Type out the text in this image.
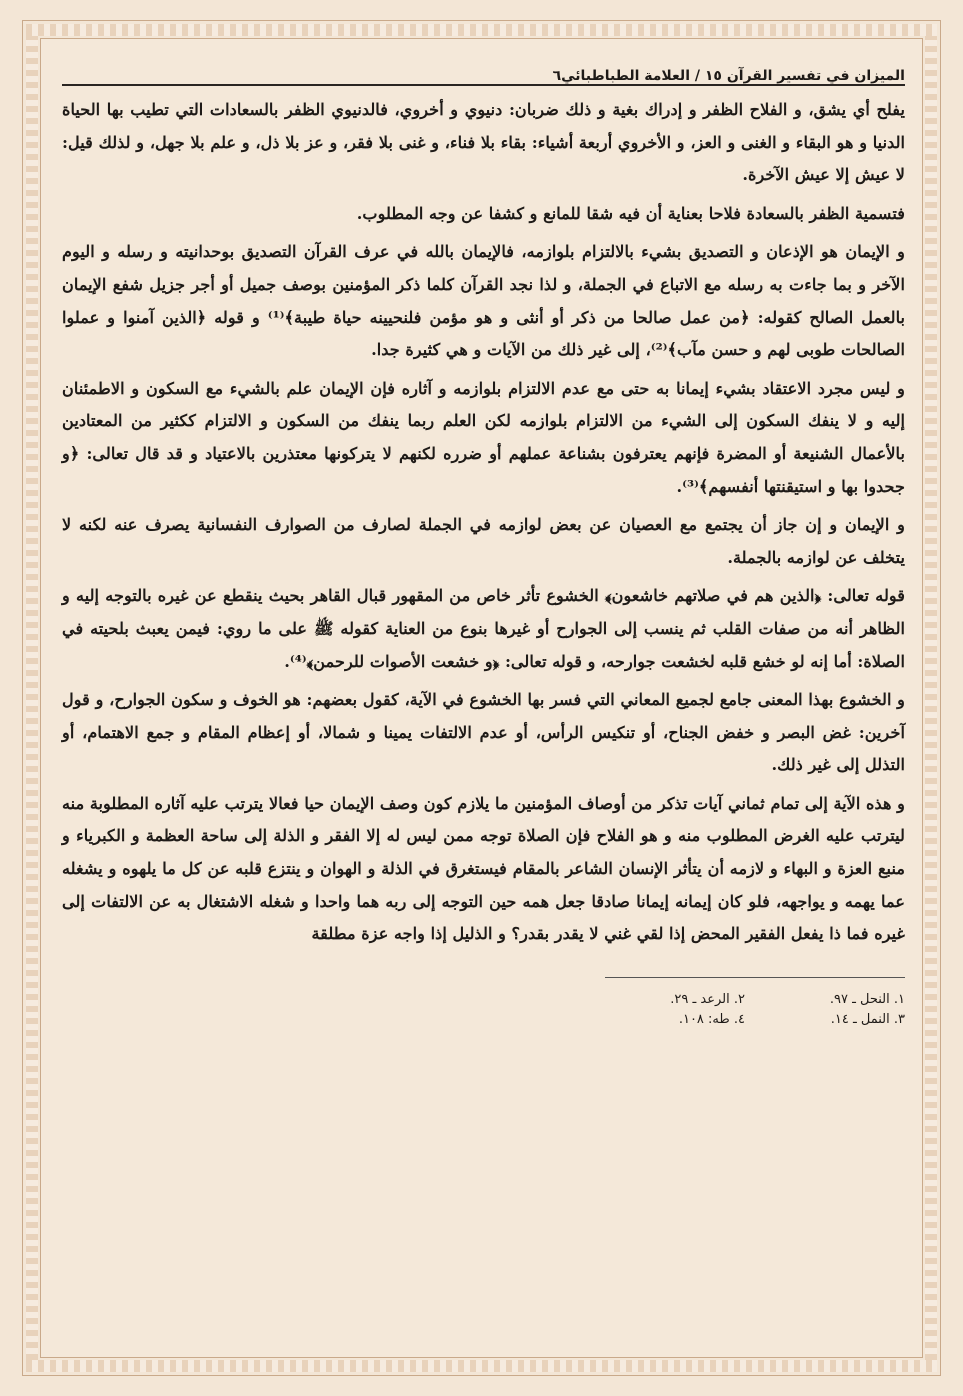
الميزان في تفسير القرآن ١٥ / العلامة الطباطبائي
٦

يفلح أي يشق، و الفلاح الظفر و إدراك بغية و ذلك ضربان: دنيوي و أخروي، فالدنيوي الظفر بالسعادات التي تطيب بها الحياة الدنيا و هو البقاء و الغنى و العز، و الأخروي أربعة أشياء: بقاء بلا فناء، و غنى بلا فقر، و عز بلا ذل، و علم بلا جهل، و لذلك قيل: لا عيش إلا عيش الآخرة.

فتسمية الظفر بالسعادة فلاحا بعناية أن فيه شقا للمانع و كشفا عن وجه المطلوب.

و الإيمان هو الإذعان و التصديق بشيء بالالتزام بلوازمه، فالإيمان بالله في عرف القرآن التصديق بوحدانيته و رسله و اليوم الآخر و بما جاءت به رسله مع الاتباع في الجملة، و لذا نجد القرآن كلما ذكر المؤمنين بوصف جميل أو أجر جزيل شفع الإيمان بالعمل الصالح كقوله: ﴿من عمل صالحا من ذكر أو أنثى و هو مؤمن فلنحيينه حياة طيبة﴾⁽¹⁾ و قوله ﴿الذين آمنوا و عملوا الصالحات طوبى لهم و حسن مآب﴾⁽²⁾، إلى غير ذلك من الآيات و هي كثيرة جدا.

و ليس مجرد الاعتقاد بشيء إيمانا به حتى مع عدم الالتزام بلوازمه و آثاره فإن الإيمان علم بالشيء مع السكون و الاطمئنان إليه و لا ينفك السكون إلى الشيء من الالتزام بلوازمه لكن العلم ربما ينفك من السكون و الالتزام ككثير من المعتادين بالأعمال الشنيعة أو المضرة فإنهم يعترفون بشناعة عملهم أو ضرره لكنهم لا يتركونها معتذرين بالاعتياد و قد قال تعالى: ﴿و جحدوا بها و استيقنتها أنفسهم﴾⁽³⁾.

و الإيمان و إن جاز أن يجتمع مع العصيان عن بعض لوازمه في الجملة لصارف من الصوارف النفسانية يصرف عنه لكنه لا يتخلف عن لوازمه بالجملة.

قوله تعالى: ﴿الذين هم في صلاتهم خاشعون﴾ الخشوع تأثر خاص من المقهور قبال القاهر بحيث ينقطع عن غيره بالتوجه إليه و الظاهر أنه من صفات القلب ثم ينسب إلى الجوارح أو غيرها بنوع من العناية كقوله ﷺ على ما روي: فيمن يعبث بلحيته في الصلاة: أما إنه لو خشع قلبه لخشعت جوارحه، و قوله تعالى: ﴿و خشعت الأصوات للرحمن﴾⁽⁴⁾.

و الخشوع بهذا المعنى جامع لجميع المعاني التي فسر بها الخشوع في الآية، كقول بعضهم: هو الخوف و سكون الجوارح، و قول آخرين: غض البصر و خفض الجناح، أو تنكيس الرأس، أو عدم الالتفات يمينا و شمالا، أو إعظام المقام و جمع الاهتمام، أو التذلل إلى غير ذلك.

و هذه الآية إلى تمام ثماني آيات تذكر من أوصاف المؤمنين ما يلازم كون وصف الإيمان حيا فعالا يترتب عليه آثاره المطلوبة منه ليترتب عليه الغرض المطلوب منه و هو الفلاح فإن الصلاة توجه ممن ليس له إلا الفقر و الذلة إلى ساحة العظمة و الكبرياء و منبع العزة و البهاء و لازمه أن يتأثر الإنسان الشاعر بالمقام فيستغرق في الذلة و الهوان و ينتزع قلبه عن كل ما يلهوه و يشغله عما يهمه و يواجهه، فلو كان إيمانه إيمانا صادقا جعل همه حين التوجه إلى ربه هما واحدا و شغله الاشتغال به عن الالتفات إلى غيره فما ذا يفعل الفقير المحض إذا لقي غني لا يقدر بقدر؟ و الذليل إذا واجه عزة مطلقة

١. النحل ـ ٩٧.
٢. الرعد ـ ٢٩.
٣. النمل ـ ١٤.
٤. طه: ١٠٨.
